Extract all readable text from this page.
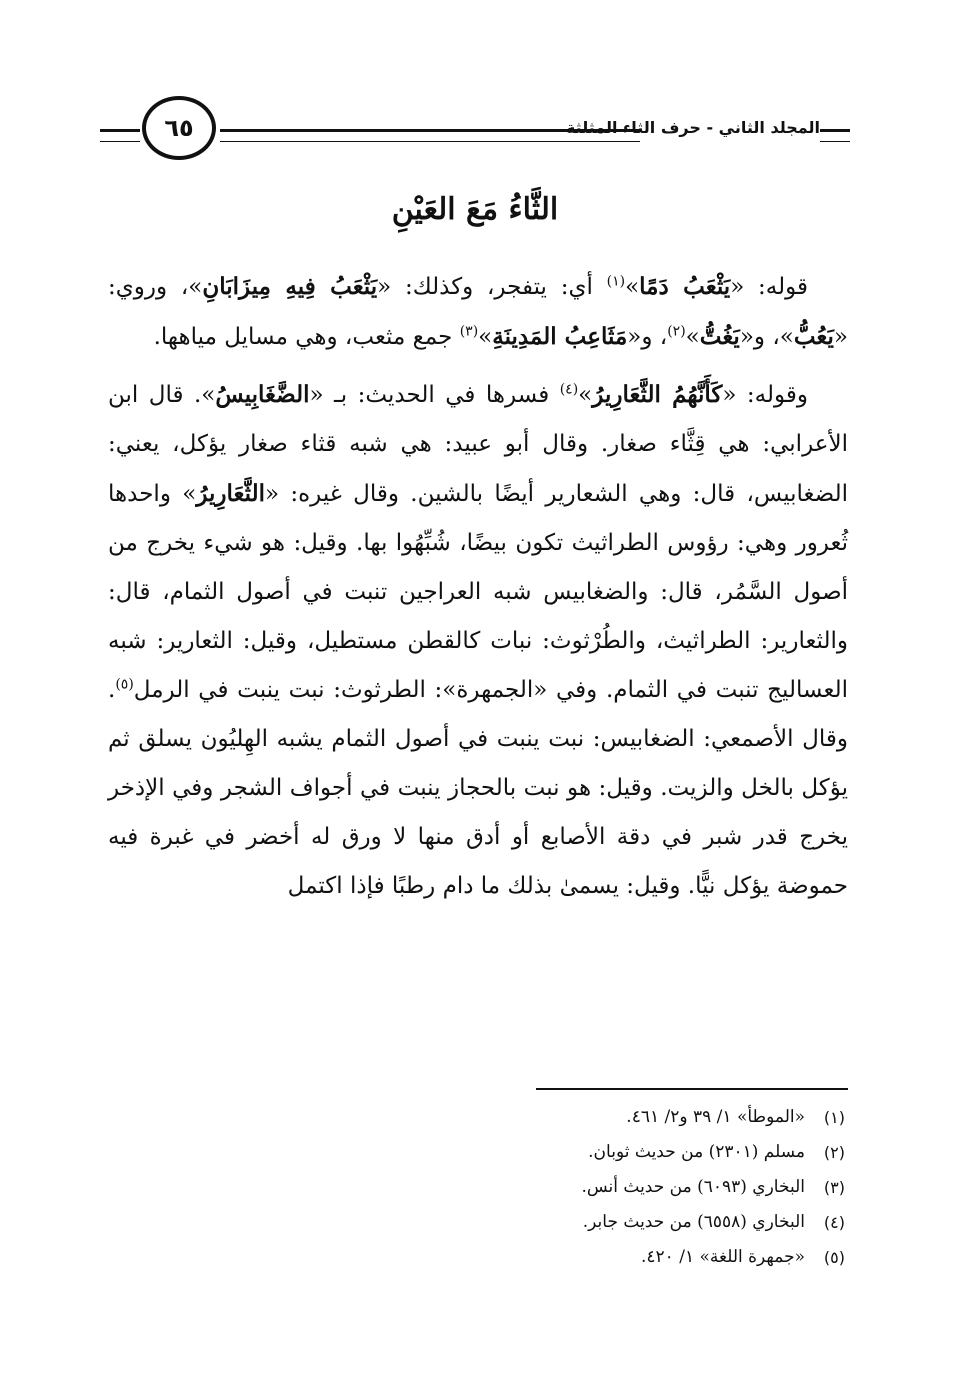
٦٥	المجلد الثاني - حرف الثاء المثلثة
الثَّاءُ مَعَ العَيْنِ

قوله: «يَثْعَبُ دَمًا»$^{(١)}$ أي: يتفجر، وكذلك: «يَثْعَبُ فِيهِ مِيزَابَانِ»، وروي: «يَعُبُّ»، و«يَغُتُّ»$^{(٢)}$، و«مَثَاعِبُ المَدِينَةِ»$^{(٣)}$ جمع مثعب، وهي مسايل مياهها.

وقوله: «كَأَنَّهُمُ الثَّعَارِيرُ»$^{(٤)}$ فسرها في الحديث: بـ «الضَّغَابِيسُ». قال ابن الأعرابي: هي قِثَّاء صغار. وقال أبو عبيد: هي شبه قثاء صغار يؤكل، يعني: الضغابيس، قال: وهي الشعارير أيضًا بالشين. وقال غيره: «الثَّعَارِيرُ» واحدها ثُعرور وهي: رؤوس الطراثيث تكون بيضًا، شُبِّهُوا بها. وقيل: هو شيء يخرج من أصول السَّمُر، قال: والضغابيس شبه العراجين تنبت في أصول الثمام، قال: والثعارير: الطراثيث، والطُرْثوث: نبات كالقطن مستطيل، وقيل: الثعارير: شبه العساليج تنبت في الثمام. وفي «الجمهرة»: الطرثوث: نبت ينبت في الرمل$^{(٥)}$. وقال الأصمعي: الضغابيس: نبت ينبت في أصول الثمام يشبه الهِليُون يسلق ثم يؤكل بالخل والزيت. وقيل: هو نبت بالحجاز ينبت في أجواف الشجر وفي الإذخر يخرج قدر شبر في دقة الأصابع أو أدق منها لا ورق له أخضر في غبرة فيه حموضة يؤكل نيًّا. وقيل: يسمىٰ بذلك ما دام رطبًا فإذا اكتمل

(١)
«الموطأ» ١/ ٣٩ و٢/ ٤٦١.
(٢)
مسلم (٢٣٠١) من حديث ثوبان.
(٣)
البخاري (٦٠٩٣) من حديث أنس.
(٤)
البخاري (٦٥٥٨) من حديث جابر.
(٥)
«جمهرة اللغة» ١/ ٤٢٠.
